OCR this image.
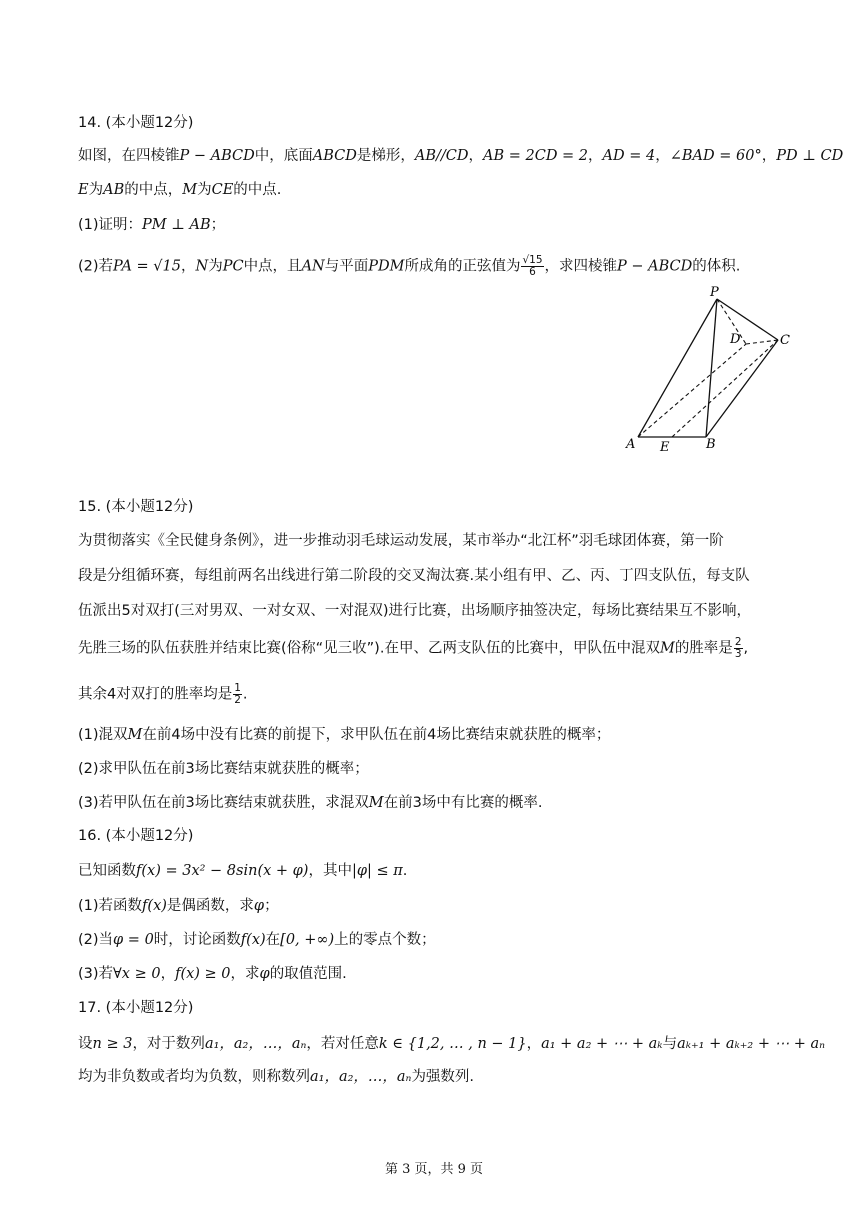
14. (本小题12分)
如图，在四棱锥P − ABCD中，底面ABCD是梯形，AB//CD，AB = 2CD = 2，AD = 4，∠BAD = 60°，PD ⊥ CD
E为AB的中点，M为CE的中点.
(1)证明：PM ⊥ AB；
(2)若PA = √15，N为PC中点，且AN与平面PDM所成角的正弦值为 $\frac{√15}{6}$ ，求四棱锥P − ABCD的体积.
P
D	C
A E	B
15. (本小题12分)
为贯彻落实《全民健身条例》，进一步推动羽毛球运动发展，某市举办“北江杯”羽毛球团体赛，第一阶
段是分组循环赛，每组前两名出线进行第二阶段的交叉淘汰赛.某小组有甲、乙、丙、丁四支队伍，每支队
伍派出5对双打(三对男双、一对女双、一对混双)进行比赛，出场顺序抽签决定，每场比赛结果互不影响，
先胜三场的队伍获胜并结束比赛(俗称“见三收”).在甲、乙两支队伍的比赛中，甲队伍中混双M的胜率是 $\frac{2}{3}$ ,
其余4对双打的胜率均是 $\frac{1}{2}$ .
(1)混双M在前4场中没有比赛的前提下，求甲队伍在前4场比赛结束就获胜的概率；
(2)求甲队伍在前3场比赛结束就获胜的概率；
(3)若甲队伍在前3场比赛结束就获胜，求混双M在前3场中有比赛的概率.
16. (本小题12分)
已知函数f(x) = 3x² − 8sin(x + φ)，其中|φ| ≤ π.
(1)若函数f(x)是偶函数，求φ；
(2)当φ = 0时，讨论函数f(x)在[0, +∞)上的零点个数；
(3)若∀x ≥ 0，f(x) ≥ 0，求φ的取值范围.
17. (本小题12分)
设n ≥ 3，对于数列a₁，a₂，…，aₙ，若对任意k ∈ {1,2, … , n − 1}，a₁ + a₂ + ⋯ + aₖ与aₖ₊₁ + aₖ₊₂ + ⋯ + aₙ
均为非负数或者均为负数，则称数列a₁，a₂，…，aₙ为强数列.
第 3 页，共 9 页
